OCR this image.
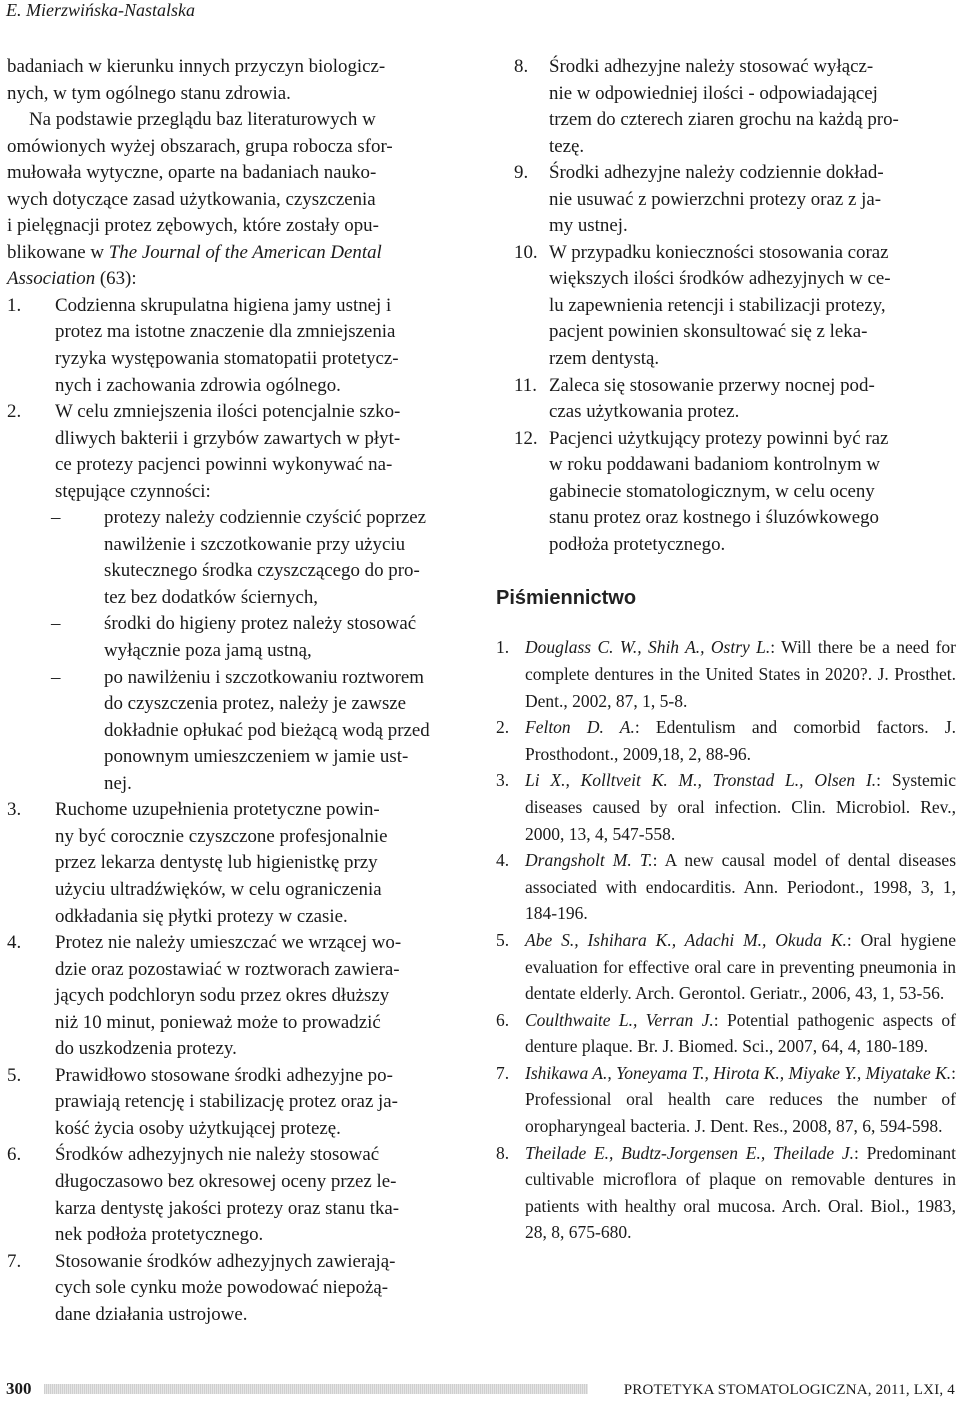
E. Mierzwińska-Nastalska

badaniach w kierunku innych przyczyn biologicz-
nych, w tym ogólnego stanu zdrowia.

Na podstawie przeglądu baz literaturowych w
omówionych wyżej obszarach, grupa robocza sfor-
mułowała wytyczne, oparte na badaniach nauko-
wych dotyczące zasad użytkowania, czyszczenia
i pielęgnacji protez zębowych, które zostały opu-
blikowane w The Journal of the American Dental
Association (63):

1. Codzienna skrupulatna higiena jamy ustnej i
protez ma istotne znaczenie dla zmniejszenia
ryzyka występowania stomatopatii protetycz-
nych i zachowania zdrowia ogólnego.
2. W celu zmniejszenia ilości potencjalnie szko-
dliwych bakterii i grzybów zawartych w płyt-
ce protezy pacjenci powinni wykonywać na-
stępujące czynności:
– protezy należy codziennie czyścić poprzez
nawilżenie i szczotkowanie przy użyciu
skutecznego środka czyszczącego do pro-
tez bez dodatków ściernych,
– środki do higieny protez należy stosować
wyłącznie poza jamą ustną,
– po nawilżeniu i szczotkowaniu roztworem
do czyszczenia protez, należy je zawsze
dokładnie opłukać pod bieżącą wodą przed
ponownym umieszczeniem w jamie ust-
nej.
3. Ruchome uzupełnienia protetyczne powin-
ny być corocznie czyszczone profesjonalnie
przez lekarza dentystę lub higienistkę przy
użyciu ultradźwięków, w celu ograniczenia
odkładania się płytki protezy w czasie.
4. Protez nie należy umieszczać we wrzącej wo-
dzie oraz pozostawiać w roztworach zawiera-
jących podchloryn sodu przez okres dłuższy
niż 10 minut, ponieważ może to prowadzić
do uszkodzenia protezy.
5. Prawidłowo stosowane środki adhezyjne po-
prawiają retencję i stabilizację protez oraz ja-
kość życia osoby użytkującej protezę.
6. Środków adhezyjnych nie należy stosować
długoczasowo bez okresowej oceny przez le-
karza dentystę jakości protezy oraz stanu tka-
nek podłoża protetycznego.
7. Stosowanie środków adhezyjnych zawierają-
cych sole cynku może powodować niepożą-
dane działania ustrojowe.
8. Środki adhezyjne należy stosować wyłącz-
nie w odpowiedniej ilości - odpowiadającej
trzem do czterech ziaren grochu na każdą pro-
tezę.
9. Środki adhezyjne należy codziennie dokład-
nie usuwać z powierzchni protezy oraz z ja-
my ustnej.
10. W przypadku konieczności stosowania coraz
większych ilości środków adhezyjnych w ce-
lu zapewnienia retencji i stabilizacji protezy,
pacjent powinien skonsultować się z leka-
rzem dentystą.
11. Zaleca się stosowanie przerwy nocnej pod-
czas użytkowania protez.
12. Pacjenci użytkujący protezy powinni być raz
w roku poddawani badaniom kontrolnym w
gabinecie stomatologicznym, w celu oceny
stanu protez oraz kostnego i śluzówkowego
podłoża protetycznego.
Piśmiennictwo

1. Douglass C. W., Shih A., Ostry L.: Will there be a need for complete dentures in the United States in 2020?. J. Prosthet. Dent., 2002, 87, 1, 5-8.

2. Felton D. A.: Edentulism and comorbid factors. J. Prosthodont., 2009,18, 2, 88-96.

3. Li X., Kolltveit K. M., Tronstad L., Olsen I.: Systemic diseases caused by oral infection. Clin. Microbiol. Rev., 2000, 13, 4, 547-558.

4. Drangsholt M. T.: A new causal model of dental diseases associated with endocarditis. Ann. Periodont., 1998, 3, 1, 184-196.

5. Abe S., Ishihara K., Adachi M., Okuda K.: Oral hygiene evaluation for effective oral care in preventing pneumonia in dentate elderly. Arch. Gerontol. Geriatr., 2006, 43, 1, 53-56.

6. Coulthwaite L., Verran J.: Potential pathogenic aspects of denture plaque. Br. J. Biomed. Sci., 2007, 64, 4, 180-189.

7. Ishikawa A., Yoneyama T., Hirota K., Miyake Y., Miyatake K.: Professional oral health care reduces the number of oropharyngeal bacteria. J. Dent. Res., 2008, 87, 6, 594-598.

8. Theilade E., Budtz-Jorgensen E., Theilade J.: Predominant cultivable microflora of plaque on removable dentures in patients with healthy oral mucosa. Arch. Oral. Biol., 1983, 28, 8, 675-680.

300	PROTETYKA STOMATOLOGICZNA, 2011, LXI, 4
